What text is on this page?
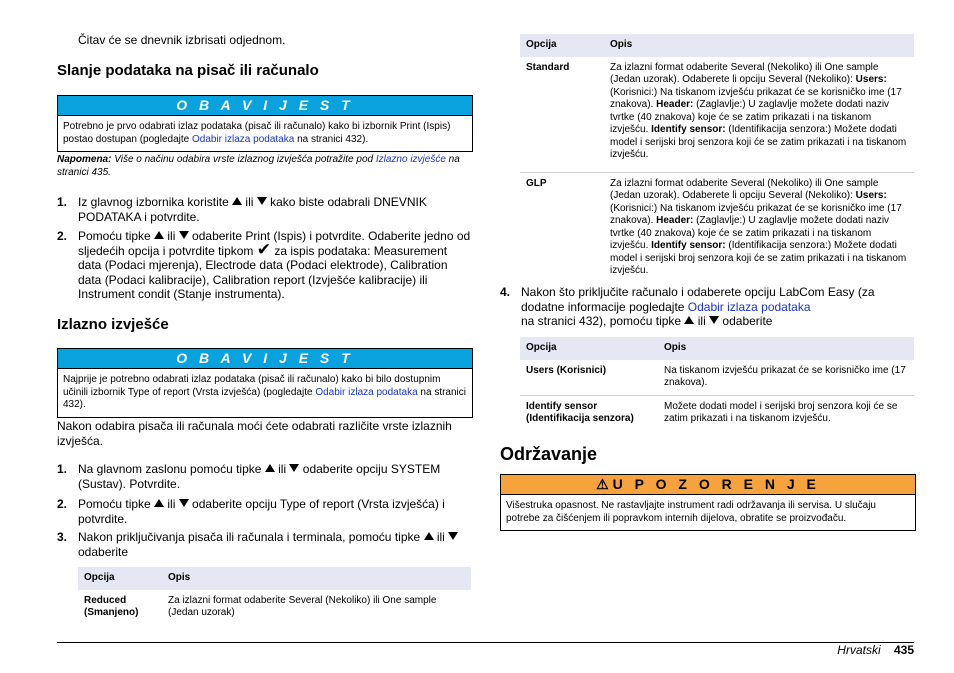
Čitav će se dnevnik izbrisati odjednom.
Slanje podataka na pisač ili računalo
O B A V I J E S T
Potrebno je prvo odabrati izlaz podataka (pisač ili računalo) kako bi izbornik Print (Ispis) postao dostupan (pogledajte Odabir izlaza podataka na stranici 432).
Napomena: Više o načinu odabira vrste izlaznog izvješća potražite pod Izlazno izvješće na stranici 435.
1. Iz glavnog izbornika koristite  ili  kako biste odabrali DNEVNIK PODATAKA i potvrdite.
2. Pomoću tipke  ili  odaberite Print (Ispis) i potvrdite. Odaberite jedno od sljedećih opcija i potvrdite tipkom ✔ za ispis podataka: Measurement data (Podaci mjerenja), Electrode data (Podaci elektrode), Calibration data (Podaci kalibracije), Calibration report (Izvješće kalibracije) ili Instrument condit (Stanje instrumenta).
Izlazno izvješće
O B A V I J E S T
Najprije je potrebno odabrati izlaz podataka (pisač ili računalo) kako bi bilo dostupnim učinili izbornik Type of report (Vrsta izvješća) (pogledajte Odabir izlaza podataka na stranici 432).
Nakon odabira pisača ili računala moći ćete odabrati različite vrste izlaznih izvješća.
1. Na glavnom zaslonu pomoću tipke  ili  odaberite opciju SYSTEM (Sustav). Potvrdite.
2. Pomoću tipke  ili  odaberite opciju Type of report (Vrsta izvješća) i potvrdite.
3. Nakon priključivanja pisača ili računala i terminala, pomoću tipke  ili  odaberite
Opcija	Opis
Reduced (Smanjeno)	Za izlazni format odaberite Several (Nekoliko) ili One sample (Jedan uzorak)
Opcija	Opis
Standard	Za izlazni format odaberite Several (Nekoliko) ili One sample (Jedan uzorak). Odaberete li opciju Several (Nekoliko): Users: (Korisnici:) Na tiskanom izvješću prikazat će se korisničko ime (17 znakova). Header: (Zaglavlje:) U zaglavlje možete dodati naziv tvrtke (40 znakova) koje će se zatim prikazati i na tiskanom izvješću. Identify sensor: (Identifikacija senzora:) Možete dodati model i serijski broj senzora koji će se zatim prikazati i na tiskanom izvješću.
GLP	Za izlazni format odaberite Several (Nekoliko) ili One sample (Jedan uzorak). Odaberete li opciju Several (Nekoliko): Users: (Korisnici:) Na tiskanom izvješću prikazat će se korisničko ime (17 znakova). Header: (Zaglavlje:) U zaglavlje možete dodati naziv tvrtke (40 znakova) koje će se zatim prikazati i na tiskanom izvješću. Identify sensor: (Identifikacija senzora:) Možete dodati model i serijski broj senzora koji će se zatim prikazati i na tiskanom izvješću.
4. Nakon što priključite računalo i odaberete opciju LabCom Easy (za dodatne informacije pogledajte Odabir izlaza podataka
na stranici 432), pomoću tipke  ili  odaberite
Opcija	Opis
Users (Korisnici)	Na tiskanom izvješću prikazat će se korisničko ime (17 znakova).
Identify sensor (Identifikacija senzora)	Možete dodati model i serijski broj senzora koji će se zatim prikazati i na tiskanom izvješću.
Održavanje
⚠ U P O Z O R E N J E
Višestruka opasnost. Ne rastavljajte instrument radi održavanja ili servisa. U slučaju potrebe za čišćenjem ili popravkom internih dijelova, obratite se proizvođaču.
Hrvatski 435
